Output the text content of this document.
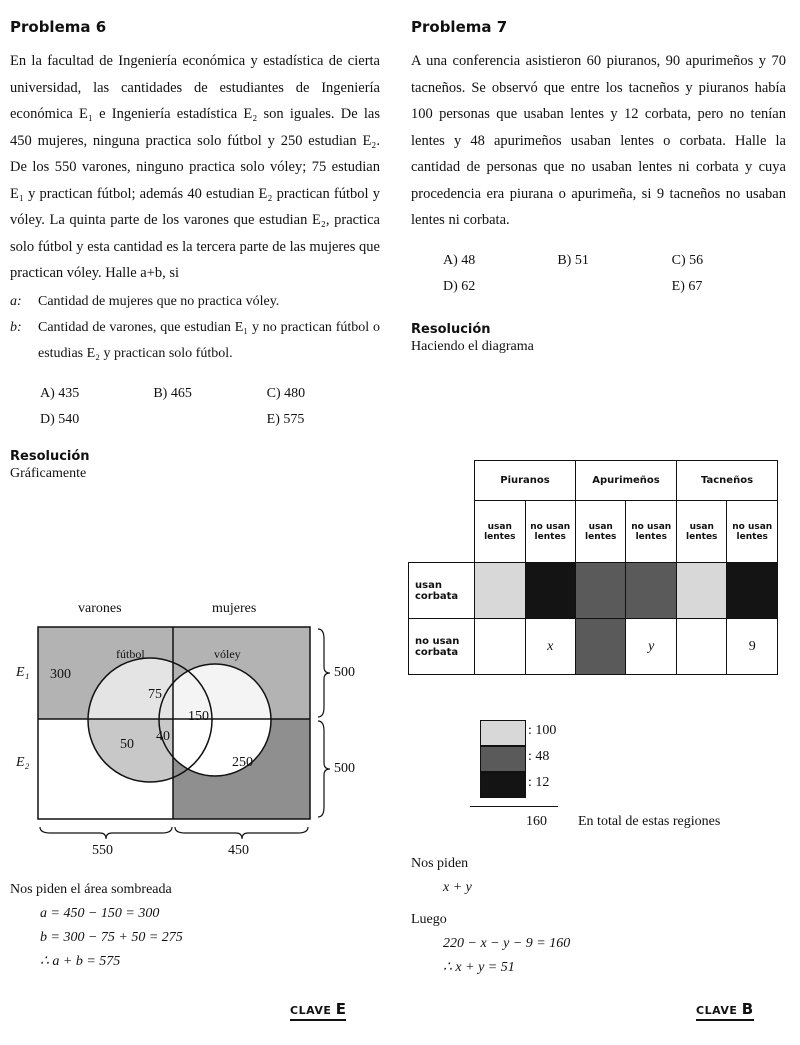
Problema 6

En la facultad de Ingeniería económica y estadística de cierta universidad, las cantidades de estudiantes de Ingeniería económica E₁ e Ingeniería estadística E₂ son iguales. De las 450 mujeres, ninguna practica solo fútbol y 250 estudian E₂. De los 550 varones, ninguno practica solo vóley; 75 estudian E₁ y practican fútbol; además 40 estudian E₂ practican fútbol y vóley. La quinta parte de los varones que estudian E₂, practica solo fútbol y esta cantidad es la tercera parte de las mujeres que practican vóley. Halle a+b, si

a:	Cantidad de mujeres que no practica vóley.
b:	Cantidad de varones, que estudian E₁ y no practican fútbol o estudias E₂ y practican solo fútbol.
A) 435	B) 465	C) 480
D) 540	E) 575
Resolución
Gráficamente
varones	mujeres
E₁
E₂
fútbol	vóley
300
75
150
50
40
250
500
500
550	450
Nos piden el área sombreada
a = 450 − 150 = 300
b = 300 − 75 + 50 = 275
∴ a + b = 575
CLAVE E
Problema 7

A una conferencia asistieron 60 piuranos, 90 apurimeños y 70 tacneños. Se observó que entre los tacneños y piuranos había 100 personas que usaban lentes y 12 corbata, pero no tenían lentes y 48 apurimeños usaban lentes o corbata. Halle la cantidad de personas que no usaban lentes ni corbata y cuya procedencia era piurana o apurimeña, si 9 tacneños no usaban lentes ni corbata.

A) 48	B) 51	C) 56
D) 62	E) 67
Resolución
Haciendo el diagrama
	Piuranos		Apurimeños		Tacneños	
	usan lentes	no usan lentes	usan lentes	no usan lentes	usan lentes	no usan lentes
usan corbata						
no usan corbata		x		y		9
: 100
: 48
: 12
160 En total de estas regiones
Nos piden
x + y
Luego
220 − x − y − 9 = 160
∴ x + y = 51
CLAVE B
